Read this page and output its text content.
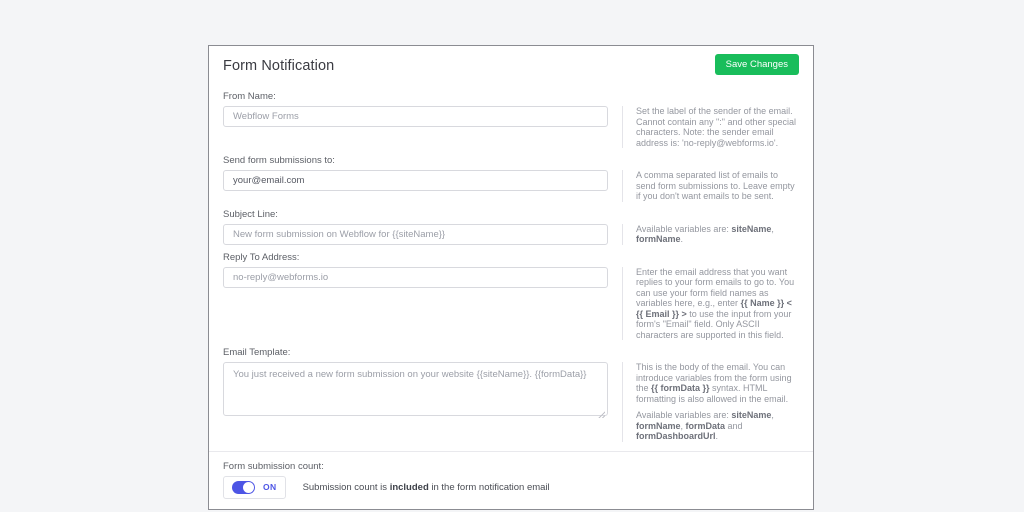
Form Notification	Save Changes
From Name:
Webflow Forms
Set the label of the sender of the email. Cannot contain any ":" and other special characters. Note: the sender email address is: 'no-reply@webforms.io'.
Send form submissions to:
your@email.com
A comma separated list of emails to send form submissions to. Leave empty if you don't want emails to be sent.
Subject Line:
New form submission on Webflow for {{siteName}}
Available variables are: siteName, formName.
Reply To Address:
no-reply@webforms.io
Enter the email address that you want replies to your form emails to go to. You can use your form field names as variables here, e.g., enter {{ Name }} < {{ Email }} > to use the input from your form's "Email" field. Only ASCII characters are supported in this field.
Email Template:
You just received a new form submission on your website {{siteName}}. {{formData}}
This is the body of the email. You can introduce variables from the form using the {{ formData }} syntax. HTML formatting is also allowed in the email.
Available variables are: siteName, formName, formData and formDashboardUrl.
Form submission count:
ON	Submission count is included in the form notification email
